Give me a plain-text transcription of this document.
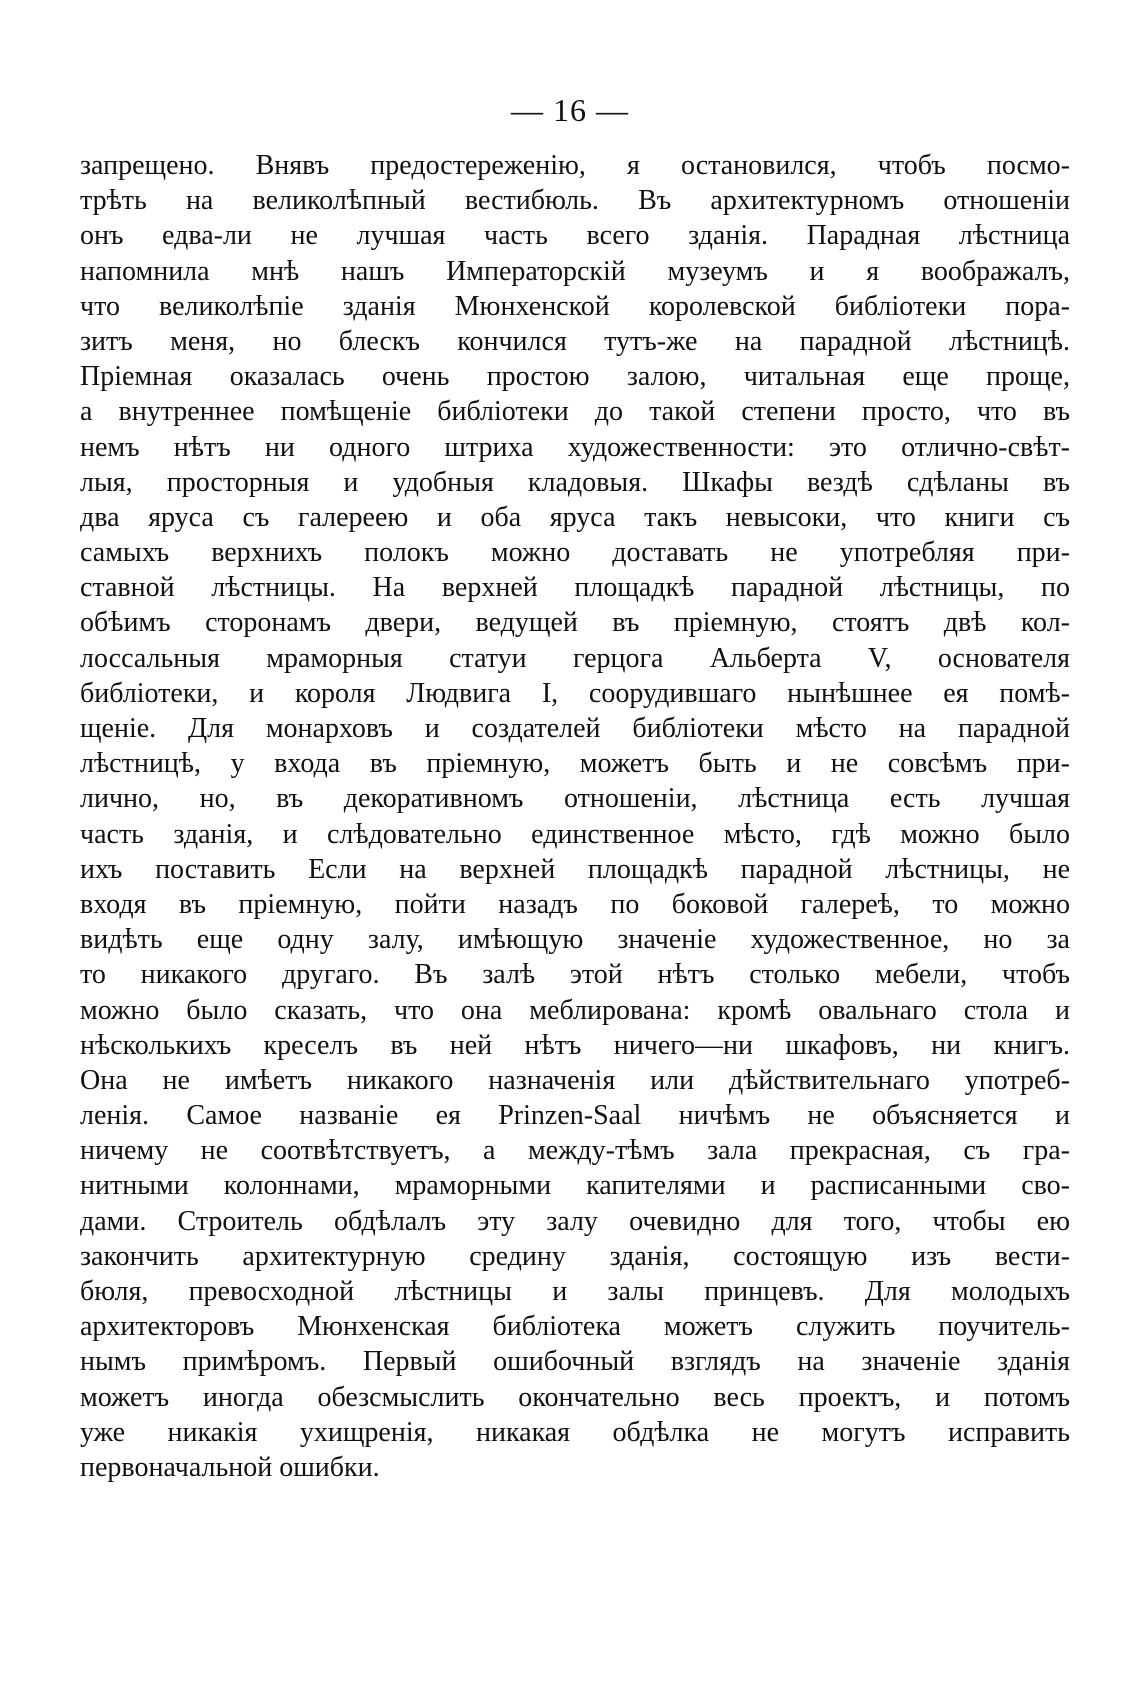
— 16 —
запрещено. Внявъ предостереженію, я остановился, чтобъ посмо-
трѣть на великолѣпный вестибюль. Въ архитектурномъ отношеніи
онъ едва-ли не лучшая часть всего зданія. Парадная лѣстница
напомнила мнѣ нашъ Императорскій музеумъ и я воображалъ,
что великолѣпіе зданія Мюнхенской королевской библіотеки пора-
зитъ меня, но блескъ кончился тутъ-же на парадной лѣстницѣ.
Пріемная оказалась очень простою залою, читальная еще проще,
а внутреннее помѣщеніе библіотеки до такой степени просто, что въ
немъ нѣтъ ни одного штриха художественности: это отлично-свѣт-
лыя, просторныя и удобныя кладовыя. Шкафы вездѣ сдѣланы въ
два яруса съ галереею и оба яруса такъ невысоки, что книги съ
самыхъ верхнихъ полокъ можно доставать не употребляя при-
ставной лѣстницы. На верхней площадкѣ парадной лѣстницы, по
обѣимъ сторонамъ двери, ведущей въ пріемную, стоятъ двѣ кол-
лоссальныя мраморныя статуи герцога Альберта V, основателя
библіотеки, и короля Людвига I, соорудившаго нынѣшнее ея помѣ-
щеніе. Для монарховъ и создателей библіотеки мѣсто на парадной
лѣстницѣ, у входа въ пріемную, можетъ быть и не совсѣмъ при-
лично, но, въ декоративномъ отношеніи, лѣстница есть лучшая
часть зданія, и слѣдовательно единственное мѣсто, гдѣ можно было
ихъ поставить Если на верхней площадкѣ парадной лѣстницы, не
входя въ пріемную, пойти назадъ по боковой галереѣ, то можно
видѣть еще одну залу, имѣющую значеніе художественное, но за
то никакого другаго. Въ залѣ этой нѣтъ столько мебели, чтобъ
можно было сказать, что она меблирована: кромѣ овальнаго стола и
нѣсколькихъ креселъ въ ней нѣтъ ничего—ни шкафовъ, ни книгъ.
Она не имѣетъ никакого назначенія или дѣйствительнаго употреб-
ленія. Самое названіе ея Prinzen-Saal ничѣмъ не объясняется и
ничему не соотвѣтствуетъ, а между-тѣмъ зала прекрасная, съ гра-
нитными колоннами, мраморными капителями и расписанными сво-
дами. Строитель обдѣлалъ эту залу очевидно для того, чтобы ею
закончить архитектурную средину зданія, состоящую изъ вести-
бюля, превосходной лѣстницы и залы принцевъ. Для молодыхъ
архитекторовъ Мюнхенская библіотека можетъ служить поучитель-
нымъ примѣромъ. Первый ошибочный взглядъ на значеніе зданія
можетъ иногда обезсмыслить окончательно весь проектъ, и потомъ
уже никакія ухищренія, никакая обдѣлка не могутъ исправить
первоначальной ошибки.
